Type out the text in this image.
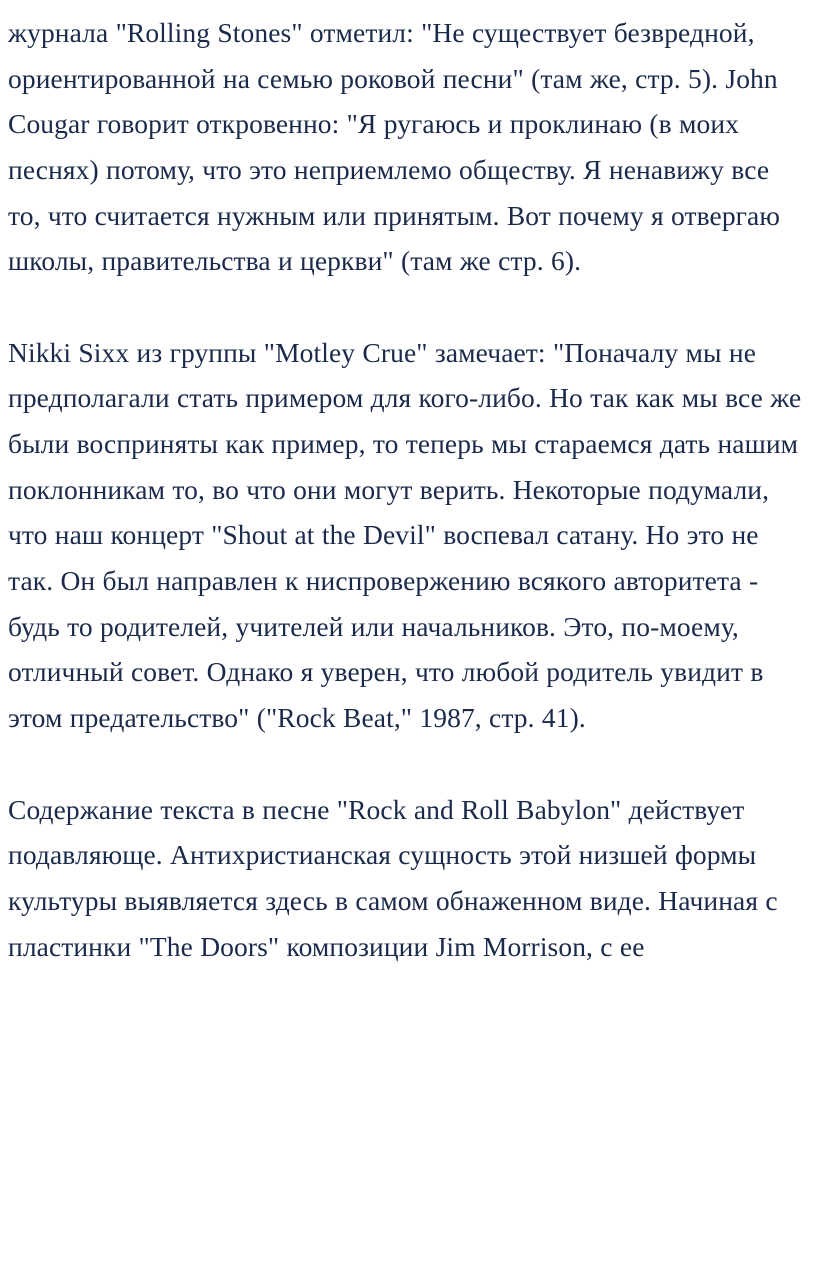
журнала "Rolling Stones" отметил: "Не существует безвредной, ориентированной на семью роковой песни" (там же, стр. 5). John Cougar говорит откровенно: "Я ругаюсь и проклинаю (в моих песнях) потому, что это неприемлемо обществу. Я ненавижу все то, что считается нужным или принятым. Вот почему я отвергаю школы, правительства и церкви" (там же стр. 6).

Nikki Sixx из группы "Motley Crue" замечает: "Поначалу мы не предполагали стать примером для кого-либо. Но так как мы все же были восприняты как пример, то теперь мы стараемся дать нашим поклонникам то, во что они могут верить. Некоторые подумали, что наш концерт "Shout at the Devil" воспевал сатану. Но это не так. Он был направлен к ниспровержению всякого авторитета - будь то родителей, учителей или начальников. Это, по-моему, отличный совет. Однако я уверен, что любой родитель увидит в этом предательство" ("Rock Beat," 1987, стр. 41).

Содержание текста в песне "Rock and Roll Babylon" действует подавляюще. Антихристианская сущность этой низшей формы культуры выявляется здесь в самом обнаженном виде. Начиная с пластинки "The Doors" композиции Jim Morrison, с ее
